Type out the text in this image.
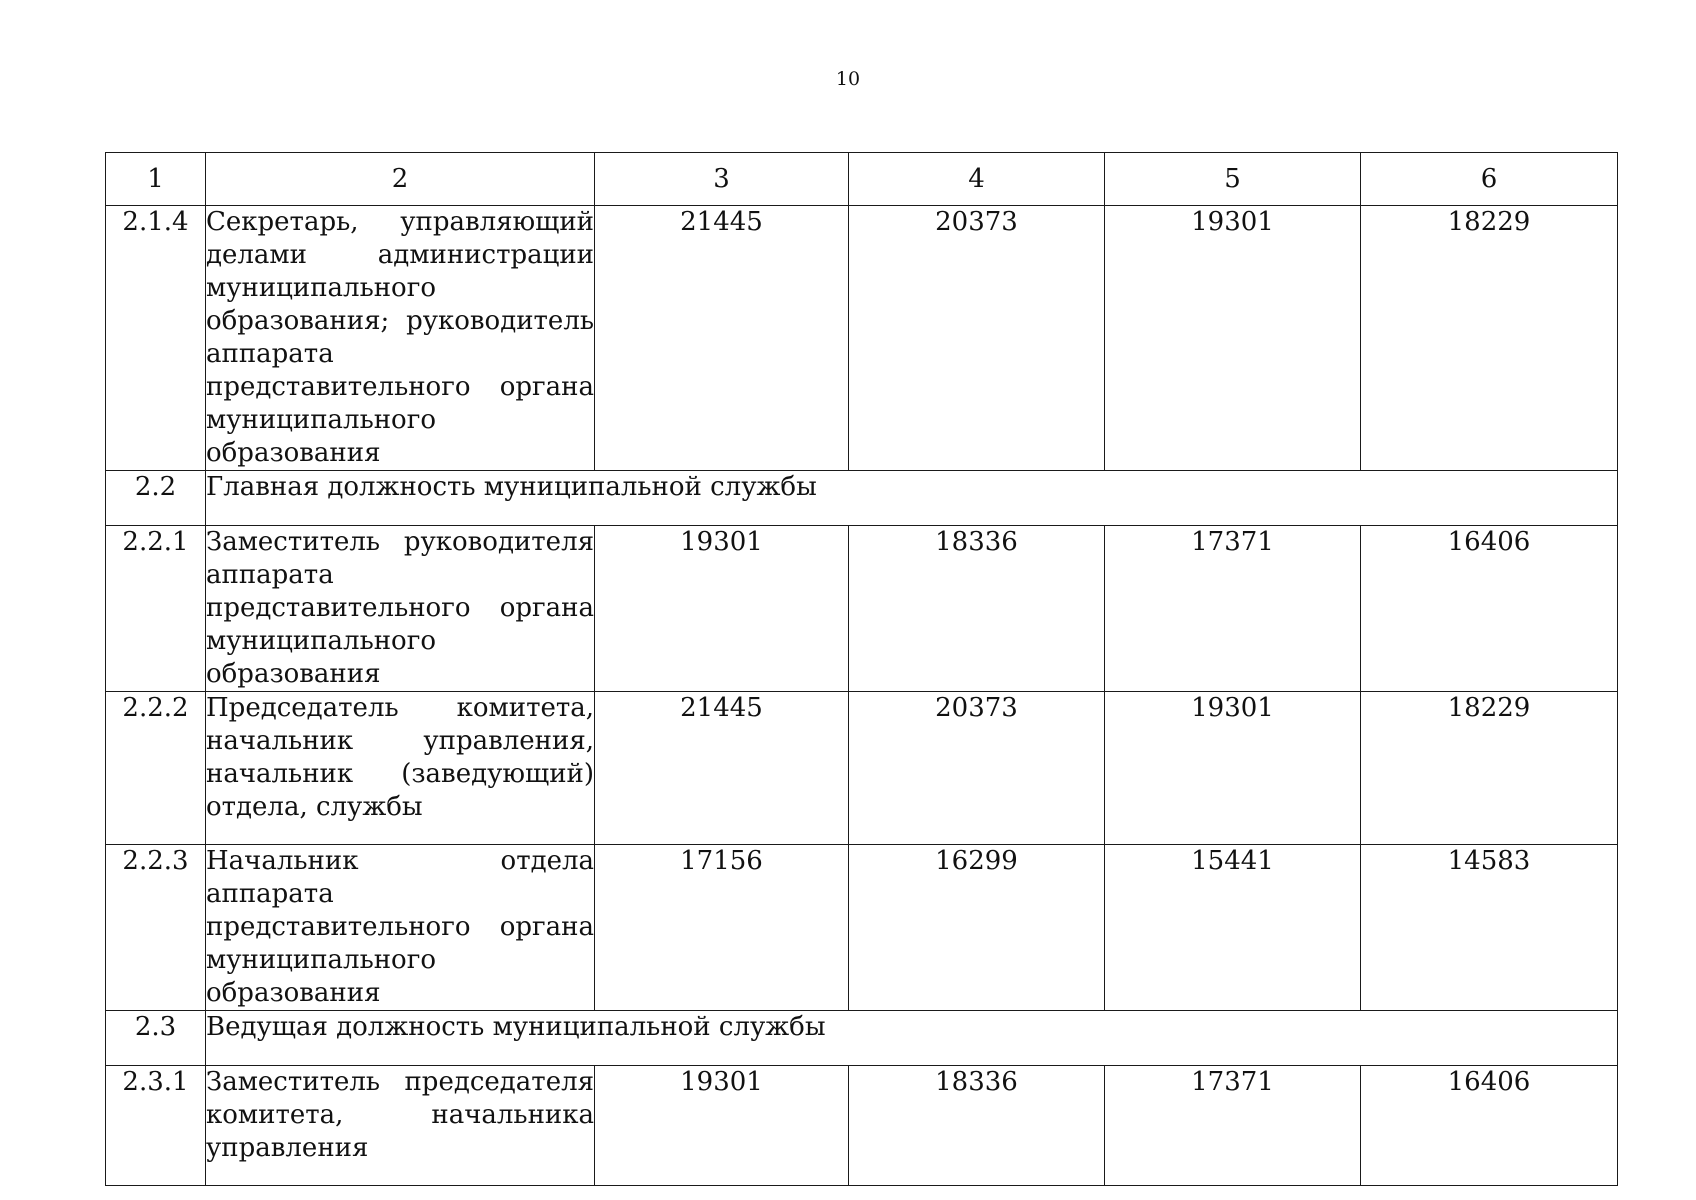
10
1	2	3	4	5	6
2.1.4	Секретарь, управляющий делами администрации муниципального образования; руководитель аппарата представительного органа муниципального образования	21445	20373	19301	18229
2.2	Главная должность муниципальной службы				
2.2.1	Заместитель руководителя аппарата представительного органа муниципального образования	19301	18336	17371	16406
2.2.2	Председатель комитета, начальник управления, начальник (заведующий) отдела, службы	21445	20373	19301	18229
2.2.3	Начальник отдела аппарата представительного органа муниципального образования	17156	16299	15441	14583
2.3	Ведущая должность муниципальной службы				
2.3.1	Заместитель председателя комитета, начальника управления	19301	18336	17371	16406
